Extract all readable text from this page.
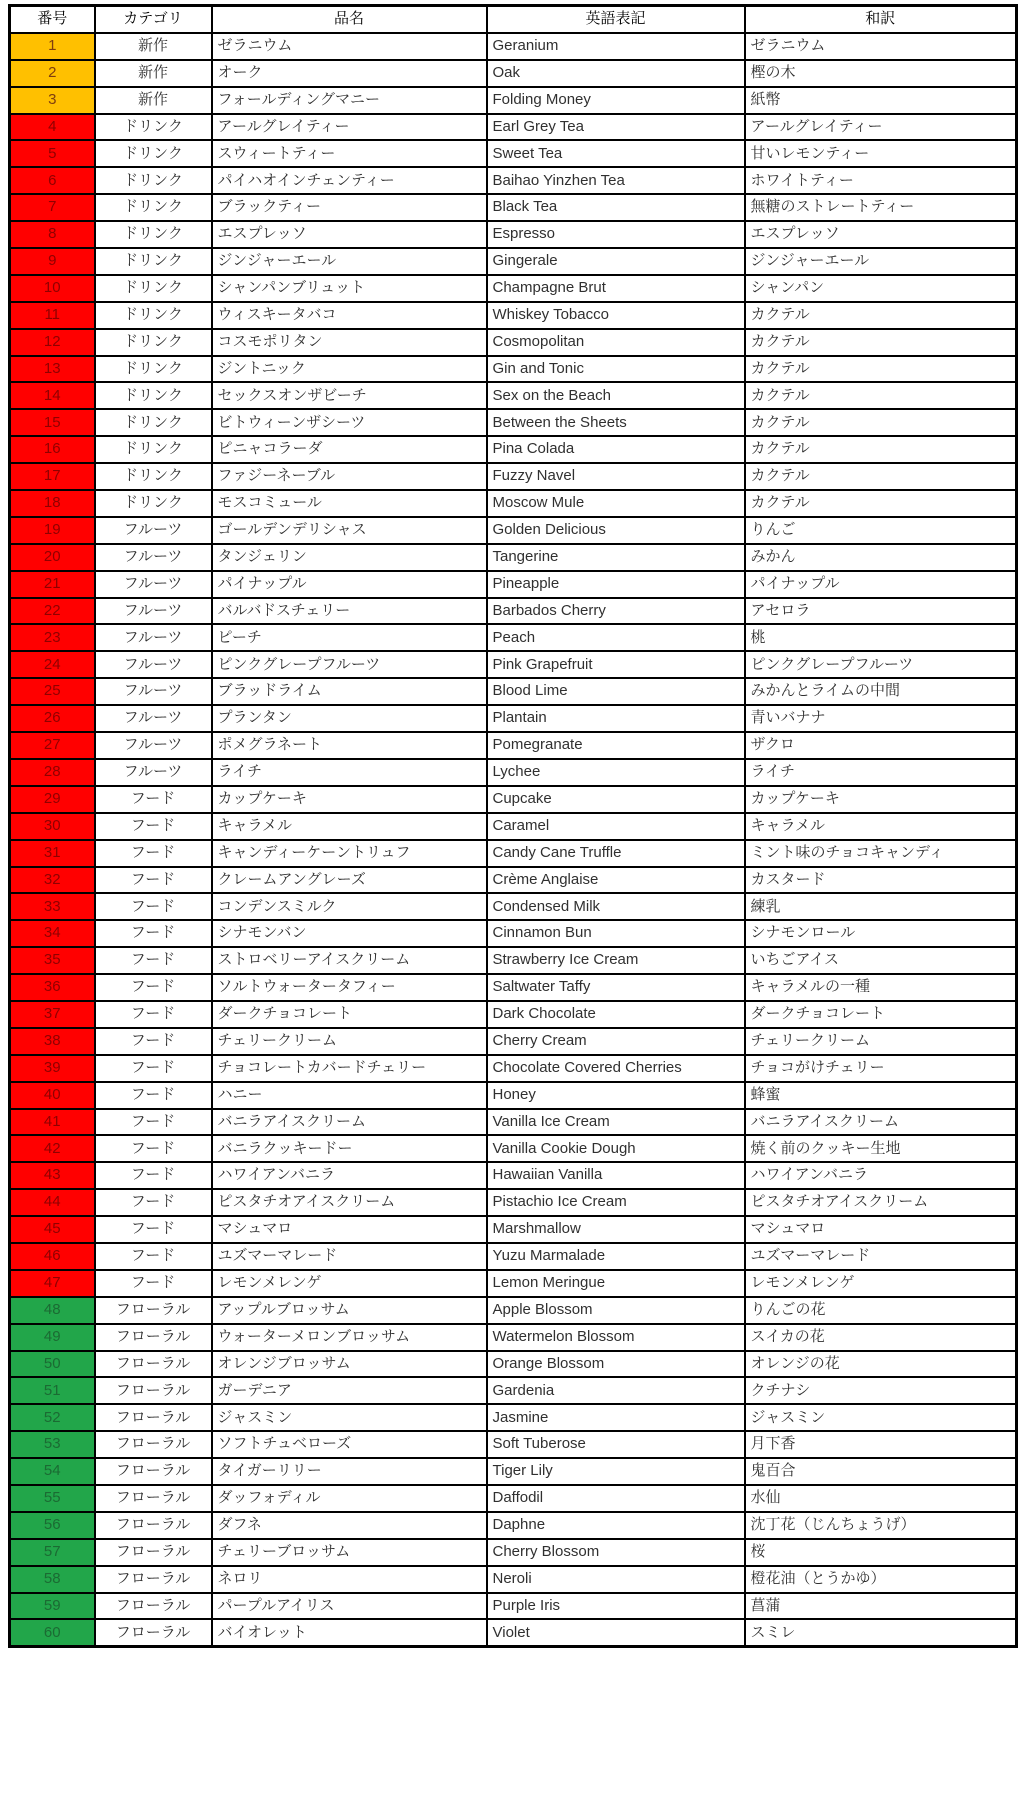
番号	カテゴリ	品名	英語表記	和訳
1	新作	ゼラニウム	Geranium	ゼラニウム
2	新作	オーク	Oak	樫の木
3	新作	フォールディングマニー	Folding Money	紙幣
4	ドリンク	アールグレイティー	Earl Grey Tea	アールグレイティー
5	ドリンク	スウィートティー	Sweet Tea	甘いレモンティー
6	ドリンク	パイハオインチェンティー	Baihao Yinzhen Tea	ホワイトティー
7	ドリンク	ブラックティー	Black Tea	無糖のストレートティー
8	ドリンク	エスプレッソ	Espresso	エスプレッソ
9	ドリンク	ジンジャーエール	Gingerale	ジンジャーエール
10	ドリンク	シャンパンブリュット	Champagne Brut	シャンパン
11	ドリンク	ウィスキータバコ	Whiskey Tobacco	カクテル
12	ドリンク	コスモポリタン	Cosmopolitan	カクテル
13	ドリンク	ジントニック	Gin and Tonic	カクテル
14	ドリンク	セックスオンザビーチ	Sex on the Beach	カクテル
15	ドリンク	ビトウィーンザシーツ	Between the Sheets	カクテル
16	ドリンク	ピニャコラーダ	Pina Colada	カクテル
17	ドリンク	ファジーネーブル	Fuzzy Navel	カクテル
18	ドリンク	モスコミュール	Moscow Mule	カクテル
19	フルーツ	ゴールデンデリシャス	Golden Delicious	りんご
20	フルーツ	タンジェリン	Tangerine	みかん
21	フルーツ	パイナップル	Pineapple	パイナップル
22	フルーツ	バルバドスチェリー	Barbados Cherry	アセロラ
23	フルーツ	ピーチ	Peach	桃
24	フルーツ	ピンクグレープフルーツ	Pink Grapefruit	ピンクグレープフルーツ
25	フルーツ	ブラッドライム	Blood Lime	みかんとライムの中間
26	フルーツ	プランタン	Plantain	青いバナナ
27	フルーツ	ポメグラネート	Pomegranate	ザクロ
28	フルーツ	ライチ	Lychee	ライチ
29	フード	カップケーキ	Cupcake	カップケーキ
30	フード	キャラメル	Caramel	キャラメル
31	フード	キャンディーケーントリュフ	Candy Cane Truffle	ミント味のチョコキャンディ
32	フード	クレームアングレーズ	Crème Anglaise	カスタード
33	フード	コンデンスミルク	Condensed Milk	練乳
34	フード	シナモンバン	Cinnamon Bun	シナモンロール
35	フード	ストロベリーアイスクリーム	Strawberry Ice Cream	いちごアイス
36	フード	ソルトウォータータフィー	Saltwater Taffy	キャラメルの一種
37	フード	ダークチョコレート	Dark Chocolate	ダークチョコレート
38	フード	チェリークリーム	Cherry Cream	チェリークリーム
39	フード	チョコレートカバードチェリー	Chocolate Covered Cherries	チョコがけチェリー
40	フード	ハニー	Honey	蜂蜜
41	フード	バニラアイスクリーム	Vanilla Ice Cream	バニラアイスクリーム
42	フード	バニラクッキードー	Vanilla Cookie Dough	焼く前のクッキー生地
43	フード	ハワイアンバニラ	Hawaiian Vanilla	ハワイアンバニラ
44	フード	ピスタチオアイスクリーム	Pistachio Ice Cream	ピスタチオアイスクリーム
45	フード	マシュマロ	Marshmallow	マシュマロ
46	フード	ユズマーマレード	Yuzu Marmalade	ユズマーマレード
47	フード	レモンメレンゲ	Lemon Meringue	レモンメレンゲ
48	フローラル	アップルブロッサム	Apple Blossom	りんごの花
49	フローラル	ウォーターメロンブロッサム	Watermelon Blossom	スイカの花
50	フローラル	オレンジブロッサム	Orange Blossom	オレンジの花
51	フローラル	ガーデニア	Gardenia	クチナシ
52	フローラル	ジャスミン	Jasmine	ジャスミン
53	フローラル	ソフトチュベローズ	Soft Tuberose	月下香
54	フローラル	タイガーリリー	Tiger Lily	鬼百合
55	フローラル	ダッフォディル	Daffodil	水仙
56	フローラル	ダフネ	Daphne	沈丁花（じんちょうげ）
57	フローラル	チェリーブロッサム	Cherry Blossom	桜
58	フローラル	ネロリ	Neroli	橙花油（とうかゆ）
59	フローラル	パープルアイリス	Purple Iris	菖蒲
60	フローラル	バイオレット	Violet	スミレ
